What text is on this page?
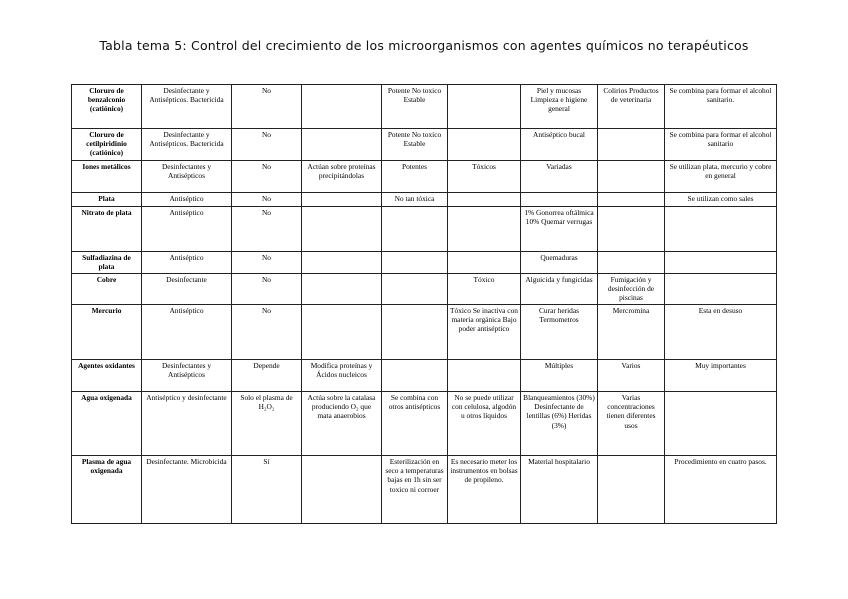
Tabla tema 5: Control del crecimiento de los microorganismos con agentes químicos no terapéuticos
Cloruro de benzalconio (catiónico)	Desinfectante y Antisépticos. Bactericida	No		Potente No toxico Estable		Piel y mucosas Limpieza e higiene general	Colirios Productos de veterinaria	Se combina para formar el alcohol sanitario.
Cloruro de cetilpiridinio (catiónico)	Desinfectante y Antisépticos. Bactericida	No		Potente No toxico Estable		Antiséptico bucal		Se combina para formar el alcohol sanitario
Iones metálicos	Desinfectantes y Antisépticos	No	Actúan sobre proteínas precipitándolas	Potentes	Tóxicos	Variadas		Se utilizan plata, mercurio y cobre en general
Plata	Antiséptico	No		No tan tóxica				Se utilizan como sales
Nitrato de plata	Antiséptico	No				1% Gonorrea oftálmica 10% Quemar verrugas		
Sulfadiazina de plata	Antiséptico	No				Quemaduras		
Cobre	Desinfectante	No			Tóxico	Alguicida y fungicidas	Fumigación y desinfección de piscinas	
Mercurio	Antiséptico	No			Tóxico Se inactiva con materia orgánica Bajo poder antiséptico	Curar heridas Termometros	Mercromina	Esta en desuso
Agentes oxidantes	Desinfectantes y Antisépticos	Depende	Modifica proteínas y Ácidos nucleicos			Múltiples	Varios	Muy importantes
Agua oxigenada	Antiséptico y desinfectante	Solo el plasma de H₂O₂	Actúa sobre la catalasa produciendo O₂ que mata anaerobios	Se combina con otros antisépticos	No se puede utilizar con celulosa, algodón u otros líquidos	Blanqueamientos (30%) Desinfectante de lentillas (6%) Heridas (3%)	Varias concentraciones tienen diferentes usos	
Plasma de agua oxigenada	Desinfectante. Microbicida	Sí		Esterilización en seco a temperaturas bajas en 1h sin ser toxico ni corroer	Es necesario meter los instrumentos en bolsas de propileno.	Material hospitalario		Procedimiento en cuatro pasos.
